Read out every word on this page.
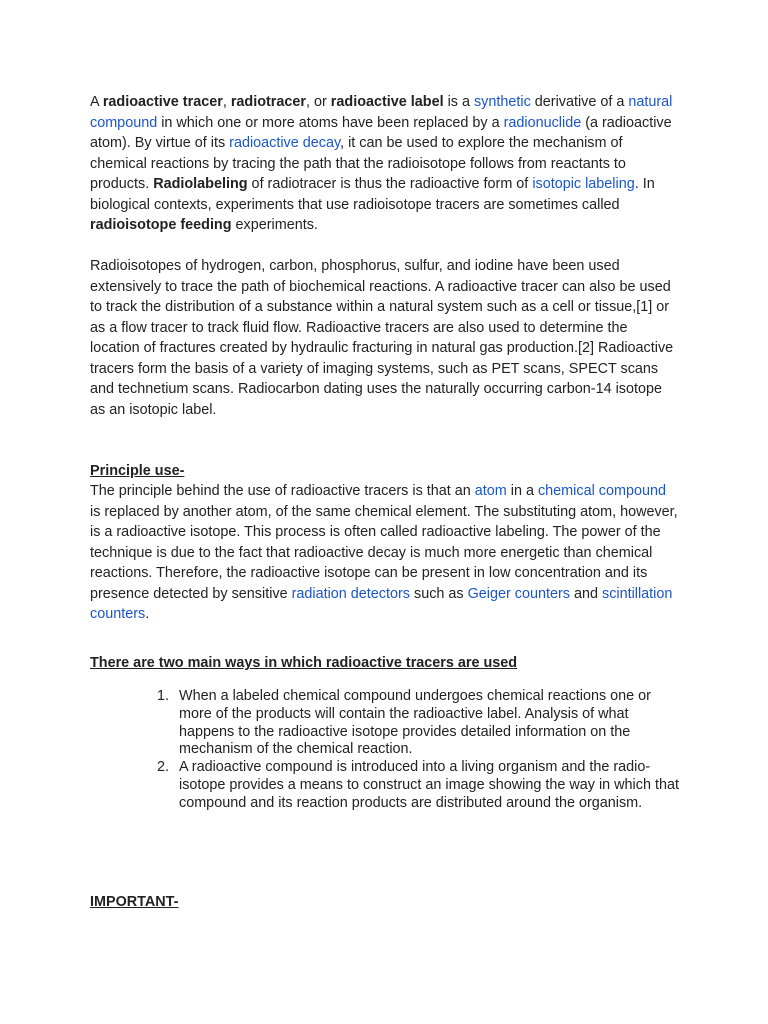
A radioactive tracer, radiotracer, or radioactive label is a synthetic derivative of a natural compound in which one or more atoms have been replaced by a radionuclide (a radioactive atom). By virtue of its radioactive decay, it can be used to explore the mechanism of chemical reactions by tracing the path that the radioisotope follows from reactants to products. Radiolabeling of radiotracer is thus the radioactive form of isotopic labeling. In biological contexts, experiments that use radioisotope tracers are sometimes called radioisotope feeding experiments.

Radioisotopes of hydrogen, carbon, phosphorus, sulfur, and iodine have been used extensively to trace the path of biochemical reactions. A radioactive tracer can also be used to track the distribution of a substance within a natural system such as a cell or tissue,[1] or as a flow tracer to track fluid flow. Radioactive tracers are also used to determine the location of fractures created by hydraulic fracturing in natural gas production.[2] Radioactive tracers form the basis of a variety of imaging systems, such as PET scans, SPECT scans and technetium scans. Radiocarbon dating uses the naturally occurring carbon-14 isotope as an isotopic label.

Principle use-

The principle behind the use of radioactive tracers is that an atom in a chemical compound is replaced by another atom, of the same chemical element. The substituting atom, however, is a radioactive isotope. This process is often called radioactive labeling. The power of the technique is due to the fact that radioactive decay is much more energetic than chemical reactions. Therefore, the radioactive isotope can be present in low concentration and its presence detected by sensitive radiation detectors such as Geiger counters and scintillation counters.

There are two main ways in which radioactive tracers are used

1. When a labeled chemical compound undergoes chemical reactions one or more of the products will contain the radioactive label. Analysis of what happens to the radioactive isotope provides detailed information on the mechanism of the chemical reaction.
2. A radioactive compound is introduced into a living organism and the radio-isotope provides a means to construct an image showing the way in which that compound and its reaction products are distributed around the organism.

IMPORTANT-
